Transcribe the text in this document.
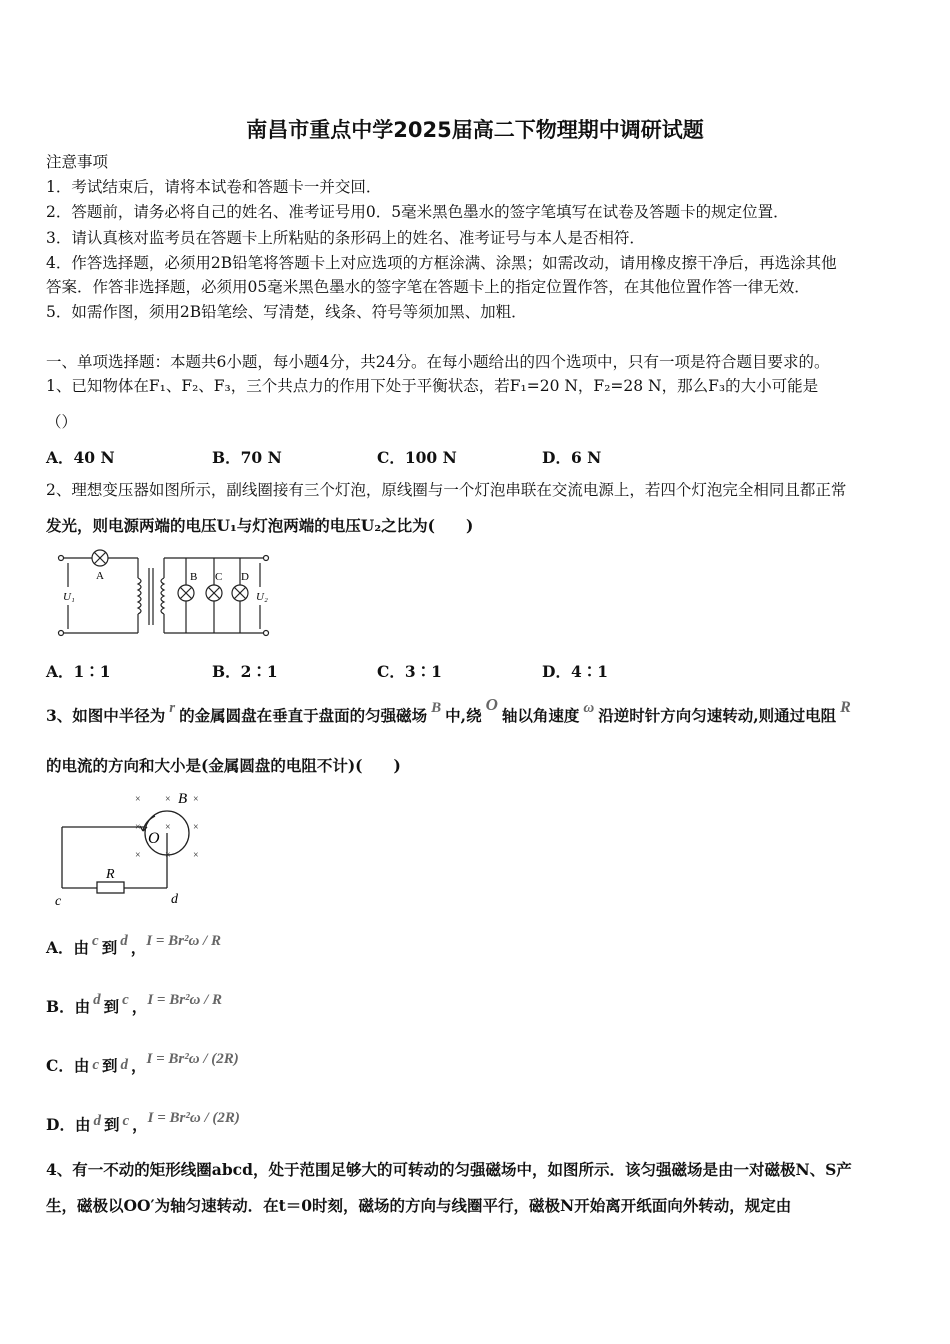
南昌市重点中学2025届高二下物理期中调研试题
注意事项
1．考试结束后，请将本试卷和答题卡一并交回．
2．答题前，请务必将自己的姓名、准考证号用0．5毫米黑色墨水的签字笔填写在试卷及答题卡的规定位置．
3．请认真核对监考员在答题卡上所粘贴的条形码上的姓名、准考证号与本人是否相符．
4．作答选择题，必须用2B铅笔将答题卡上对应选项的方框涂满、涂黑；如需改动，请用橡皮擦干净后，再选涂其他
答案．作答非选择题，必须用05毫米黑色墨水的签字笔在答题卡上的指定位置作答，在其他位置作答一律无效．
5．如需作图，须用2B铅笔绘、写清楚，线条、符号等须加黑、加粗．
一、单项选择题：本题共6小题，每小题4分，共24分。在每小题给出的四个选项中，只有一项是符合题目要求的。
1、已知物体在F₁、F₂、F₃，三个共点力的作用下处于平衡状态，若F₁=20 N，F₂=28 N，那么F₃的大小可能是
（）
A．40 N	B．70 N	C．100 N	D．6 N
2、理想变压器如图所示，副线圈接有三个灯泡，原线圈与一个灯泡串联在交流电源上，若四个灯泡完全相同且都正常
发光，则电源两端的电压U₁与灯泡两端的电压U₂之比为(　　)
A	B C D
U₁	U₂
A．1∶1	B．2∶1	C．3∶1	D．4∶1
3、如图中半径为 r 的金属圆盘在垂直于盘面的匀强磁场 B 中,绕O轴以角速度 ω 沿逆时针方向匀速转动,则通过电阻 R
的电流的方向和大小是(金属圆盘的电阻不计)(　　)
× × ×
× × ×
× × ×
B
O
R
c	d
A．由 c 到 d ，I = Br²ω / R
B．由 d 到 c ，I = Br²ω / R
C．由 c 到 d ，I = Br²ω / (2R)
D．由 d 到 c ，I = Br²ω / (2R)
4、有一不动的矩形线圈abcd，处于范围足够大的可转动的匀强磁场中，如图所示．该匀强磁场是由一对磁极N、S产
生，磁极以OO′为轴匀速转动．在t＝0时刻，磁场的方向与线圈平行，磁极N开始离开纸面向外转动，规定由
